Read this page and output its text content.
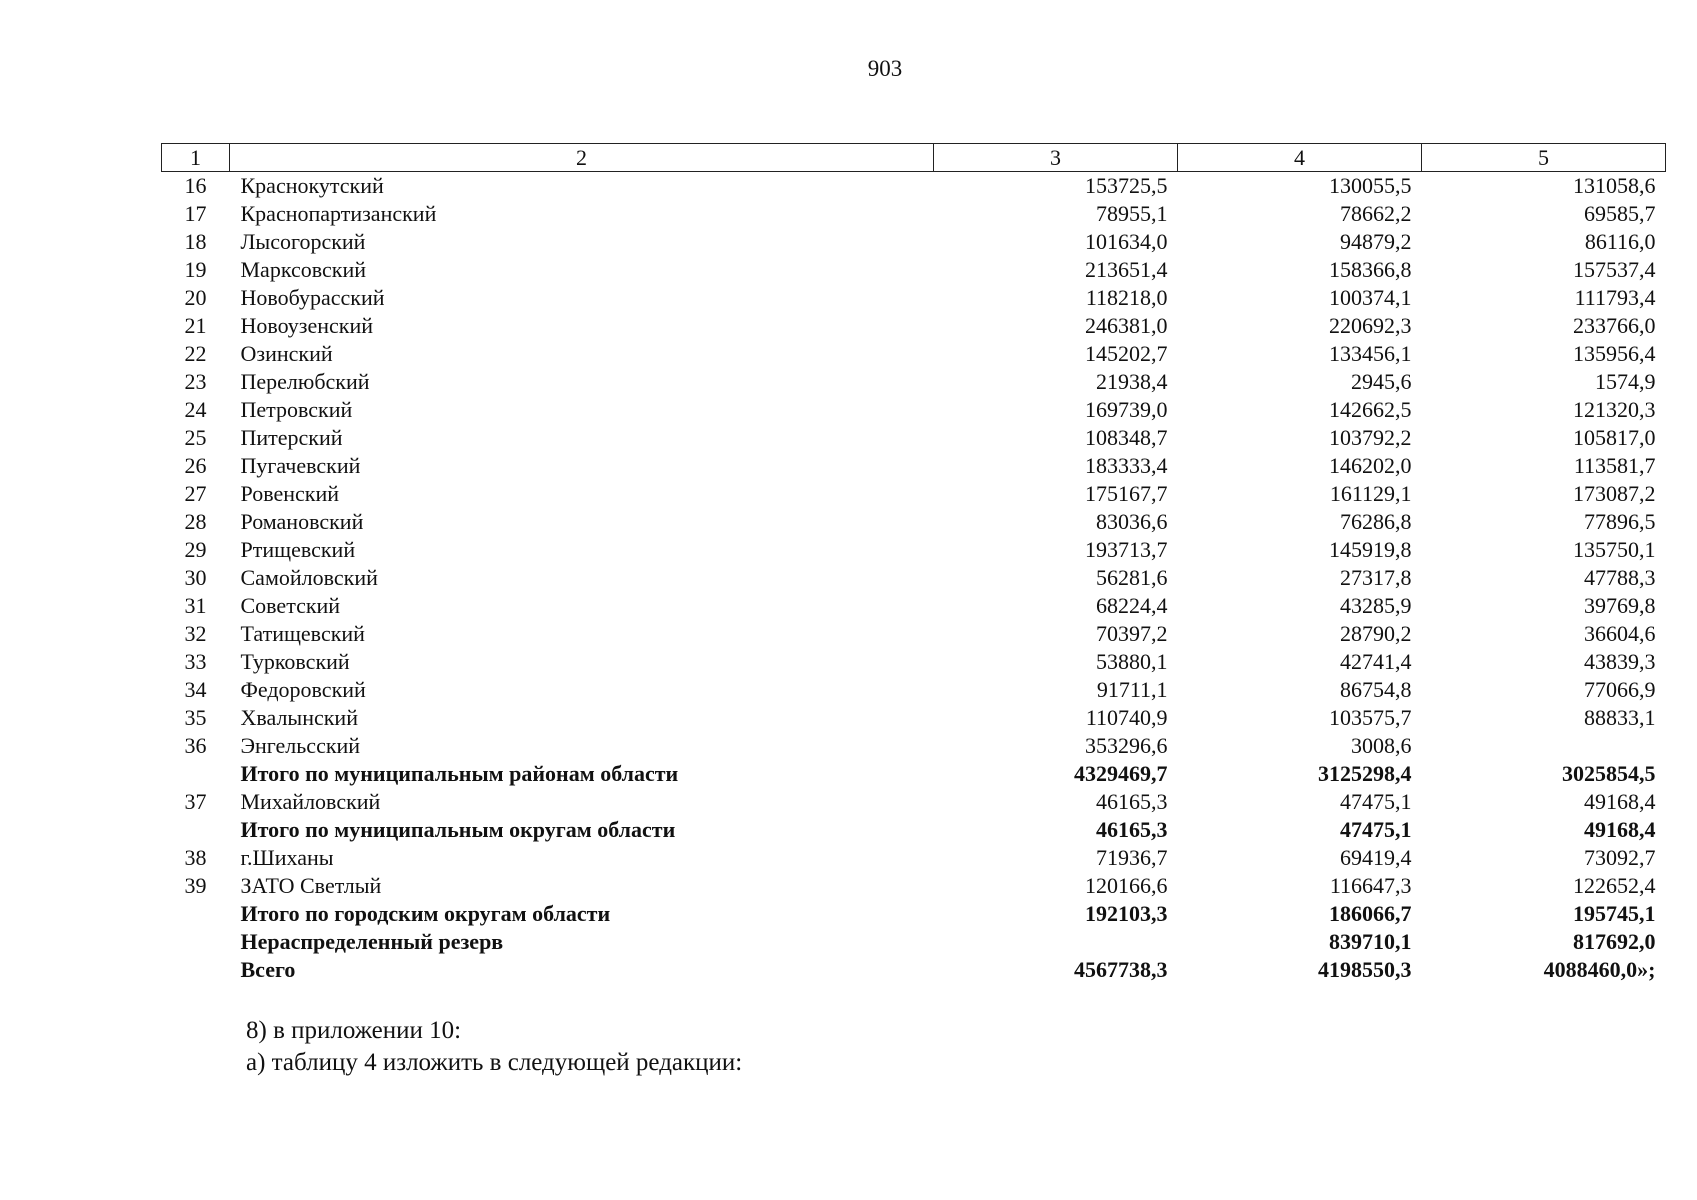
903
1	2	3	4	5
16	Краснокутский	153725,5	130055,5	131058,6
17	Краснопартизанский	78955,1	78662,2	69585,7
18	Лысогорский	101634,0	94879,2	86116,0
19	Марксовский	213651,4	158366,8	157537,4
20	Новобурасский	118218,0	100374,1	111793,4
21	Новоузенский	246381,0	220692,3	233766,0
22	Озинский	145202,7	133456,1	135956,4
23	Перелюбский	21938,4	2945,6	1574,9
24	Петровский	169739,0	142662,5	121320,3
25	Питерский	108348,7	103792,2	105817,0
26	Пугачевский	183333,4	146202,0	113581,7
27	Ровенский	175167,7	161129,1	173087,2
28	Романовский	83036,6	76286,8	77896,5
29	Ртищевский	193713,7	145919,8	135750,1
30	Самойловский	56281,6	27317,8	47788,3
31	Советский	68224,4	43285,9	39769,8
32	Татищевский	70397,2	28790,2	36604,6
33	Турковский	53880,1	42741,4	43839,3
34	Федоровский	91711,1	86754,8	77066,9
35	Хвалынский	110740,9	103575,7	88833,1
36	Энгельсский	353296,6	3008,6	
	Итого по муниципальным районам области	4329469,7	3125298,4	3025854,5
37	Михайловский	46165,3	47475,1	49168,4
	Итого по муниципальным округам области	46165,3	47475,1	49168,4
38	г.Шиханы	71936,7	69419,4	73092,7
39	ЗАТО Светлый	120166,6	116647,3	122652,4
	Итого по городским округам области	192103,3	186066,7	195745,1
	Нераспределенный резерв		839710,1	817692,0
	Всего	4567738,3	4198550,3	4088460,0»;
8) в приложении 10:
а) таблицу 4 изложить в следующей редакции:
